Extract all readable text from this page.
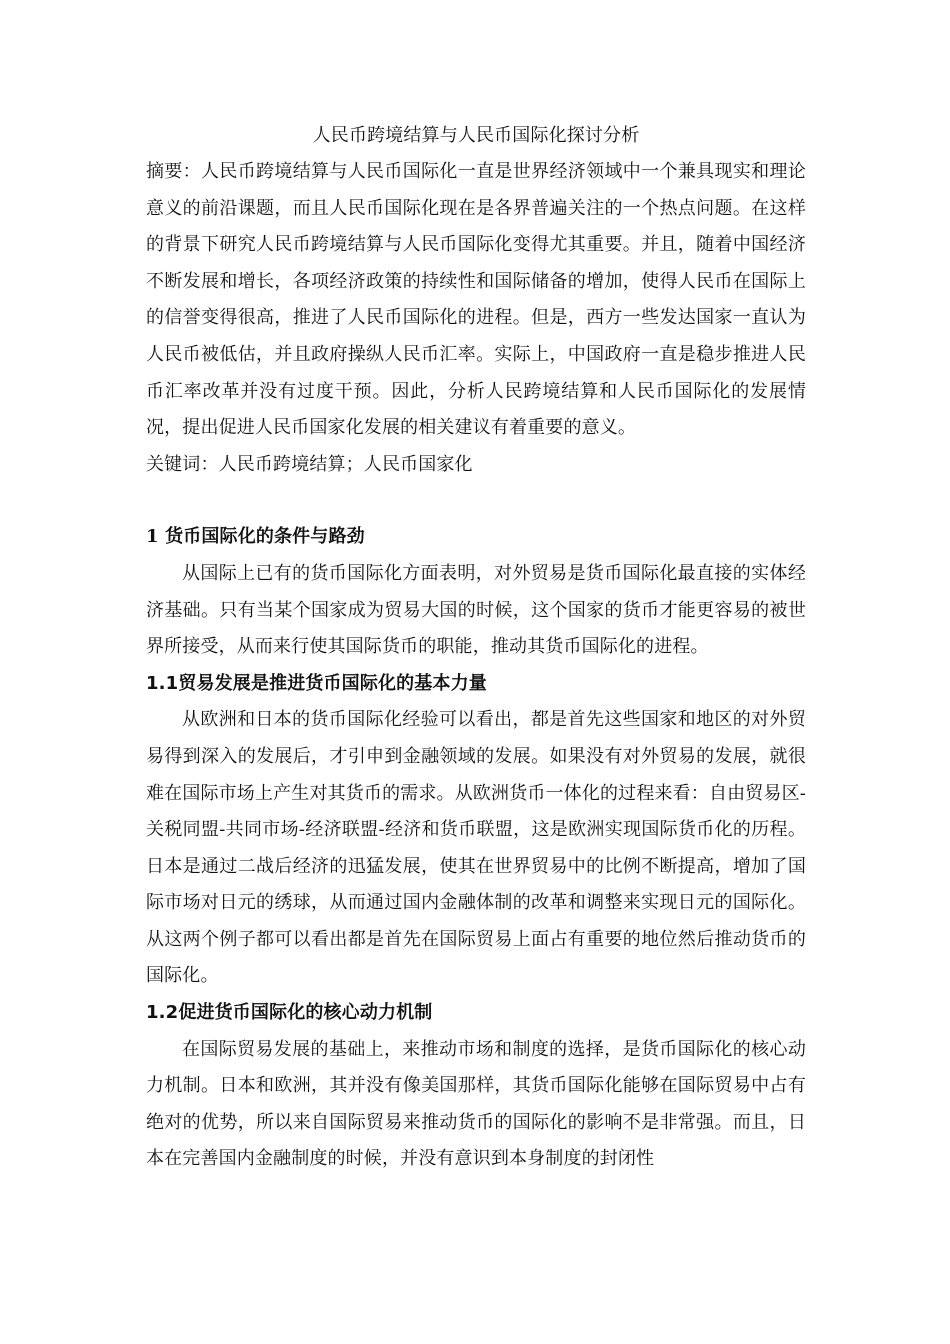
人民币跨境结算与人民币国际化探讨分析

摘要：人民币跨境结算与人民币国际化一直是世界经济领域中一个兼具现实和理论意义的前沿课题，而且人民币国际化现在是各界普遍关注的一个热点问题。在这样的背景下研究人民币跨境结算与人民币国际化变得尤其重要。并且，随着中国经济不断发展和增长，各项经济政策的持续性和国际储备的增加，使得人民币在国际上的信誉变得很高，推进了人民币国际化的进程。但是，西方一些发达国家一直认为人民币被低估，并且政府操纵人民币汇率。实际上，中国政府一直是稳步推进人民币汇率改革并没有过度干预。因此，分析人民跨境结算和人民币国际化的发展情况，提出促进人民币国家化发展的相关建议有着重要的意义。

关键词：人民币跨境结算；人民币国家化

1 货币国际化的条件与路劲

从国际上已有的货币国际化方面表明，对外贸易是货币国际化最直接的实体经济基础。只有当某个国家成为贸易大国的时候，这个国家的货币才能更容易的被世界所接受，从而来行使其国际货币的职能，推动其货币国际化的进程。

1.1贸易发展是推进货币国际化的基本力量

从欧洲和日本的货币国际化经验可以看出，都是首先这些国家和地区的对外贸易得到深入的发展后，才引申到金融领域的发展。如果没有对外贸易的发展，就很难在国际市场上产生对其货币的需求。从欧洲货币一体化的过程来看：自由贸易区-关税同盟-共同市场-经济联盟-经济和货币联盟，这是欧洲实现国际货币化的历程。日本是通过二战后经济的迅猛发展，使其在世界贸易中的比例不断提高，增加了国际市场对日元的绣球，从而通过国内金融体制的改革和调整来实现日元的国际化。从这两个例子都可以看出都是首先在国际贸易上面占有重要的地位然后推动货币的国际化。

1.2促进货币国际化的核心动力机制

在国际贸易发展的基础上，来推动市场和制度的选择，是货币国际化的核心动力机制。日本和欧洲，其并没有像美国那样，其货币国际化能够在国际贸易中占有绝对的优势，所以来自国际贸易来推动货币的国际化的影响不是非常强。而且，日本在完善国内金融制度的时候，并没有意识到本身制度的封闭性
